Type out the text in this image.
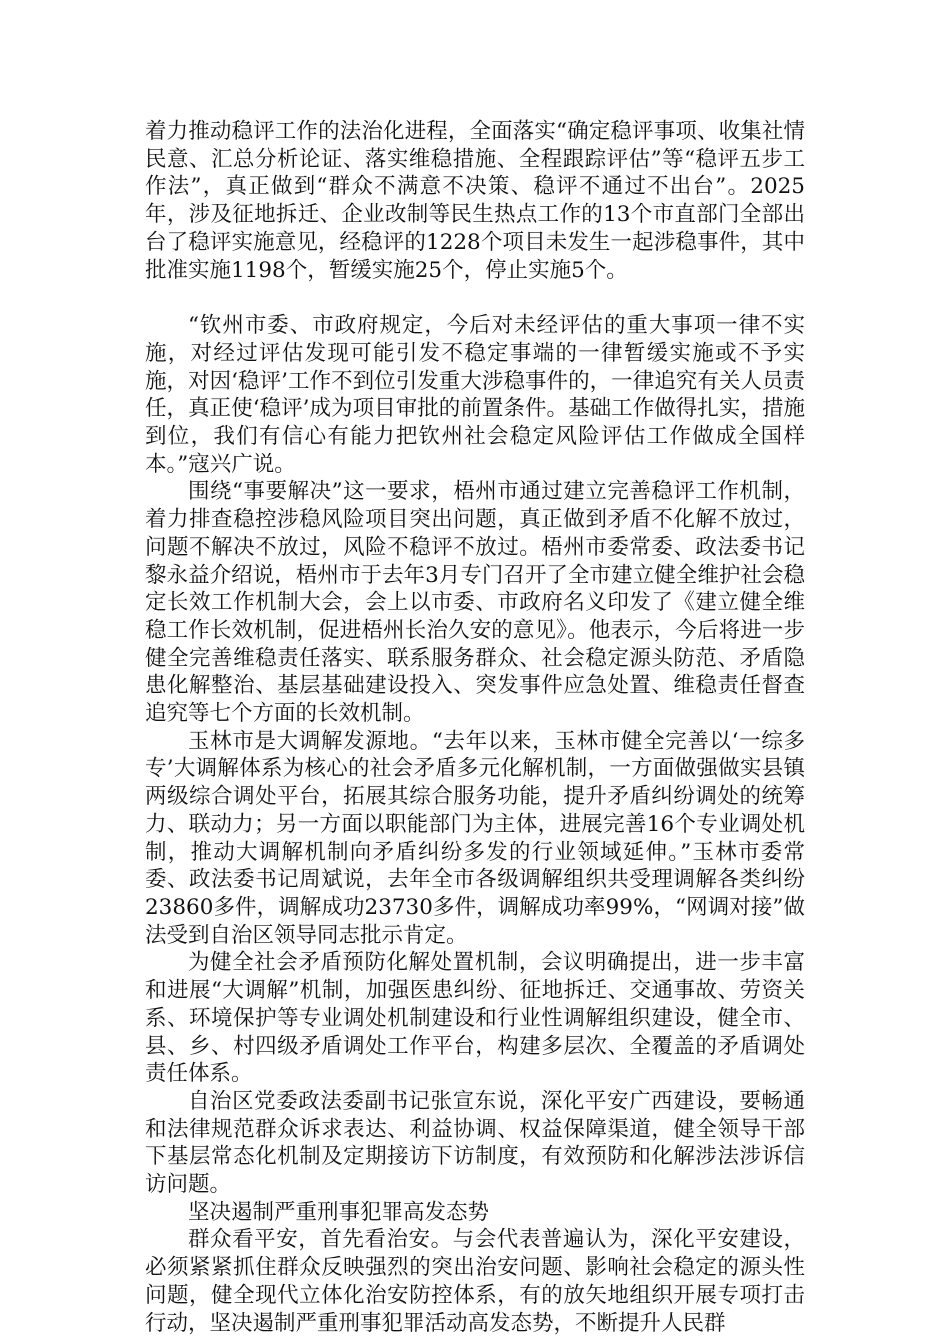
着力推动稳评工作的法治化进程，全面落实“确定稳评事项、收集社情民意、汇总分析论证、落实维稳措施、全程跟踪评估”等“稳评五步工作法”，真正做到“群众不满意不决策、稳评不通过不出台”。2025年，涉及征地拆迁、企业改制等民生热点工作的13个市直部门全部出台了稳评实施意见，经稳评的1228个项目未发生一起涉稳事件，其中批准实施1198个，暂缓实施25个，停止实施5个。

“钦州市委、市政府规定，今后对未经评估的重大事项一律不实施，对经过评估发现可能引发不稳定事端的一律暂缓实施或不予实施，对因‘稳评’工作不到位引发重大涉稳事件的，一律追究有关人员责任，真正使‘稳评’成为项目审批的前置条件。基础工作做得扎实，措施到位，我们有信心有能力把钦州社会稳定风险评估工作做成全国样本。”寇兴广说。

围绕“事要解决”这一要求，梧州市通过建立完善稳评工作机制，着力排查稳控涉稳风险项目突出问题，真正做到矛盾不化解不放过，问题不解决不放过，风险不稳评不放过。梧州市委常委、政法委书记黎永益介绍说，梧州市于去年3月专门召开了全市建立健全维护社会稳定长效工作机制大会，会上以市委、市政府名义印发了《建立健全维稳工作长效机制，促进梧州长治久安的意见》。他表示，今后将进一步健全完善维稳责任落实、联系服务群众、社会稳定源头防范、矛盾隐患化解整治、基层基础建设投入、突发事件应急处置、维稳责任督查追究等七个方面的长效机制。

玉林市是大调解发源地。“去年以来，玉林市健全完善以‘一综多专’大调解体系为核心的社会矛盾多元化解机制，一方面做强做实县镇两级综合调处平台，拓展其综合服务功能，提升矛盾纠纷调处的统筹力、联动力；另一方面以职能部门为主体，进展完善16个专业调处机制，推动大调解机制向矛盾纠纷多发的行业领域延伸。”玉林市委常委、政法委书记周斌说，去年全市各级调解组织共受理调解各类纠纷23860多件，调解成功23730多件，调解成功率99%，“网调对接”做法受到自治区领导同志批示肯定。

为健全社会矛盾预防化解处置机制，会议明确提出，进一步丰富和进展“大调解”机制，加强医患纠纷、征地拆迁、交通事故、劳资关系、环境保护等专业调处机制建设和行业性调解组织建设，健全市、县、乡、村四级矛盾调处工作平台，构建多层次、全覆盖的矛盾调处责任体系。

自治区党委政法委副书记张宣东说，深化平安广西建设，要畅通和法律规范群众诉求表达、利益协调、权益保障渠道，健全领导干部下基层常态化机制及定期接访下访制度，有效预防和化解涉法涉诉信访问题。

坚决遏制严重刑事犯罪高发态势

群众看平安，首先看治安。与会代表普遍认为，深化平安建设，必须紧紧抓住群众反映强烈的突出治安问题、影响社会稳定的源头性问题，健全现代立体化治安防控体系，有的放矢地组织开展专项打击行动，坚决遏制严重刑事犯罪活动高发态势，不断提升人民群
